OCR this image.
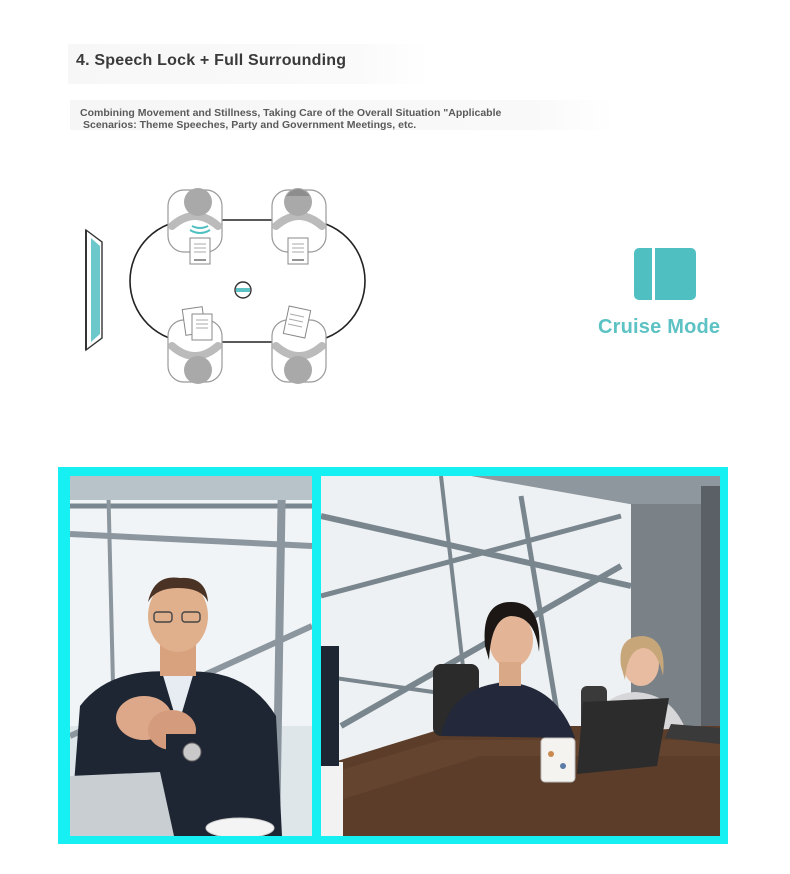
4. Speech Lock + Full Surrounding
Combining Movement and Stillness, Taking Care of the Overall Situation "Applicable
Scenarios: Theme Speeches, Party and Government Meetings, etc.
Cruise Mode
